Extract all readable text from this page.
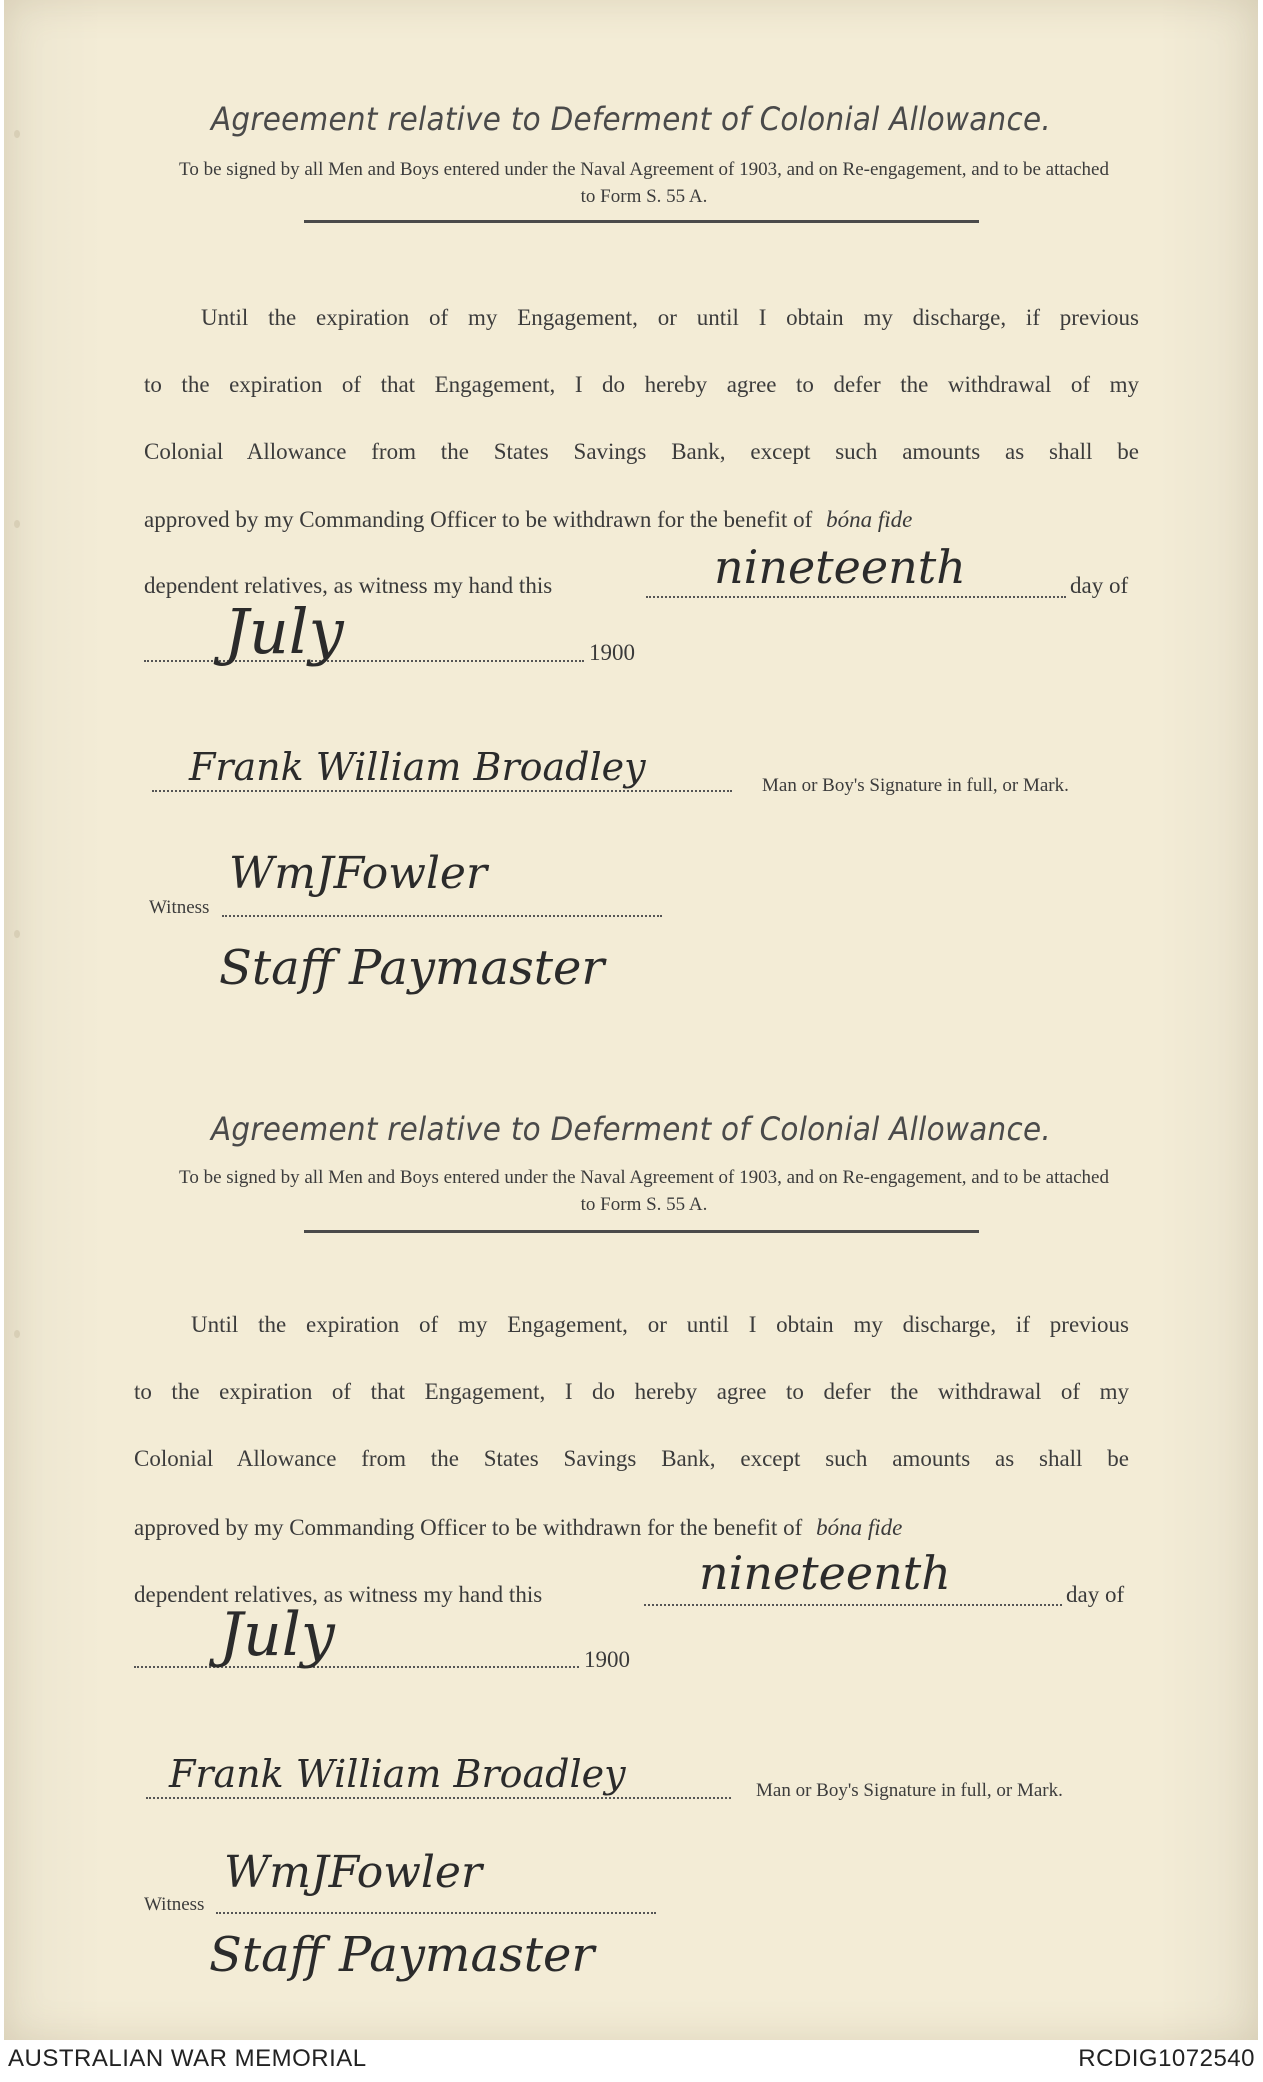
Agreement relative to Deferment of Colonial Allowance.
To be signed by all Men and Boys entered under the Naval Agreement of 1903, and on Re-engagement, and to be attached
to Form S. 55 A.
Until the expiration of my Engagement, or until I obtain my discharge, if previous
to the expiration of that Engagement, I do hereby agree to defer the withdrawal of my
Colonial Allowance from the States Savings Bank, except such amounts as shall be
approved by my Commanding Officer to be withdrawn for the benefit of bóna fide
dependent relatives, as witness my hand this	nineteenth	day of
July	1900
Frank William Broadley	Man or Boy's Signature in full, or Mark.
Witness
WmJFowler
Staff Paymaster
Agreement relative to Deferment of Colonial Allowance.
To be signed by all Men and Boys entered under the Naval Agreement of 1903, and on Re-engagement, and to be attached
to Form S. 55 A.
Until the expiration of my Engagement, or until I obtain my discharge, if previous
to the expiration of that Engagement, I do hereby agree to defer the withdrawal of my
Colonial Allowance from the States Savings Bank, except such amounts as shall be
approved by my Commanding Officer to be withdrawn for the benefit of bóna fide
dependent relatives, as witness my hand this	nineteenth	day of
July	1900
Frank William Broadley	Man or Boy's Signature in full, or Mark.
Witness
WmJFowler
Staff Paymaster
AUSTRALIAN WAR MEMORIAL	RCDIG1072540
